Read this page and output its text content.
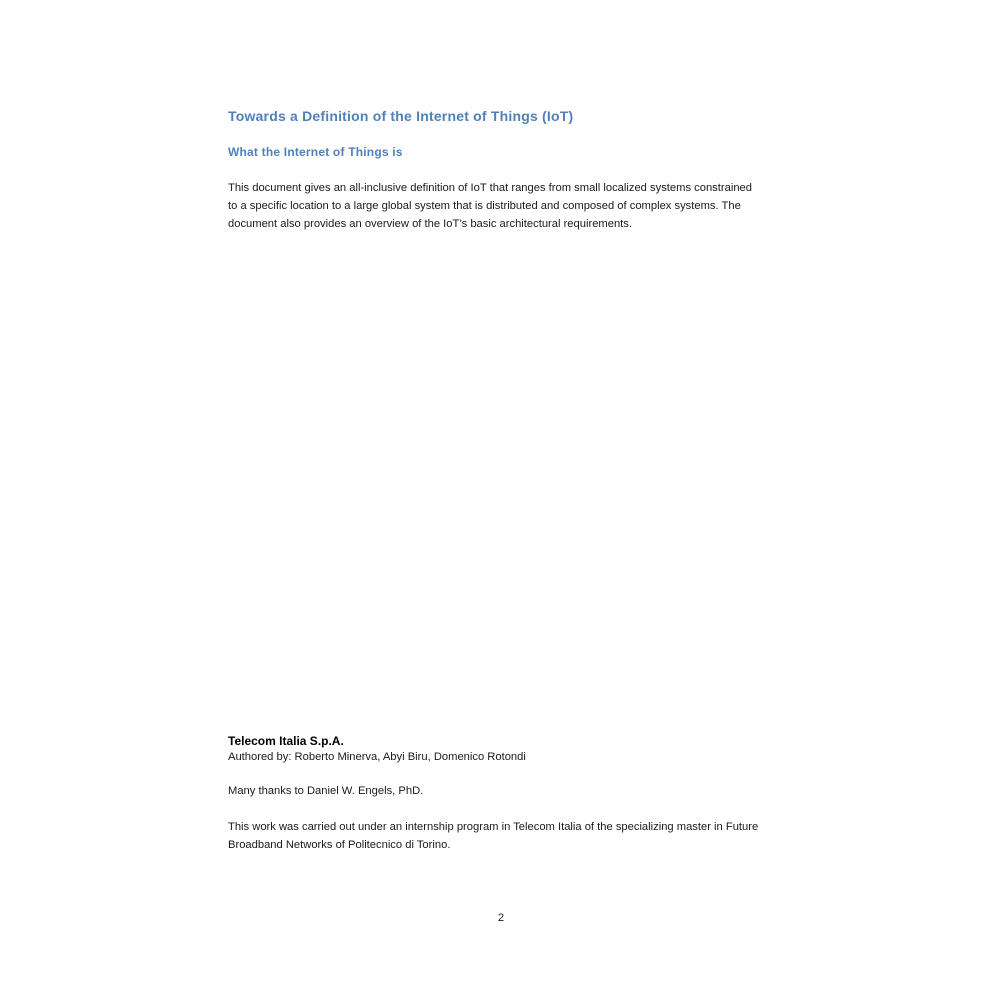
Towards a Definition of the Internet of Things (IoT)
What the Internet of Things is

This document gives an all-inclusive definition of IoT that ranges from small localized systems constrained to a specific location to a large global system that is distributed and composed of complex systems. The document also provides an overview of the IoT’s basic architectural requirements.

Telecom Italia S.p.A.

Authored by: Roberto Minerva, Abyi Biru, Domenico Rotondi

Many thanks to Daniel W. Engels, PhD.

This work was carried out under an internship program in Telecom Italia of the specializing master in Future Broadband Networks of Politecnico di Torino.

2
